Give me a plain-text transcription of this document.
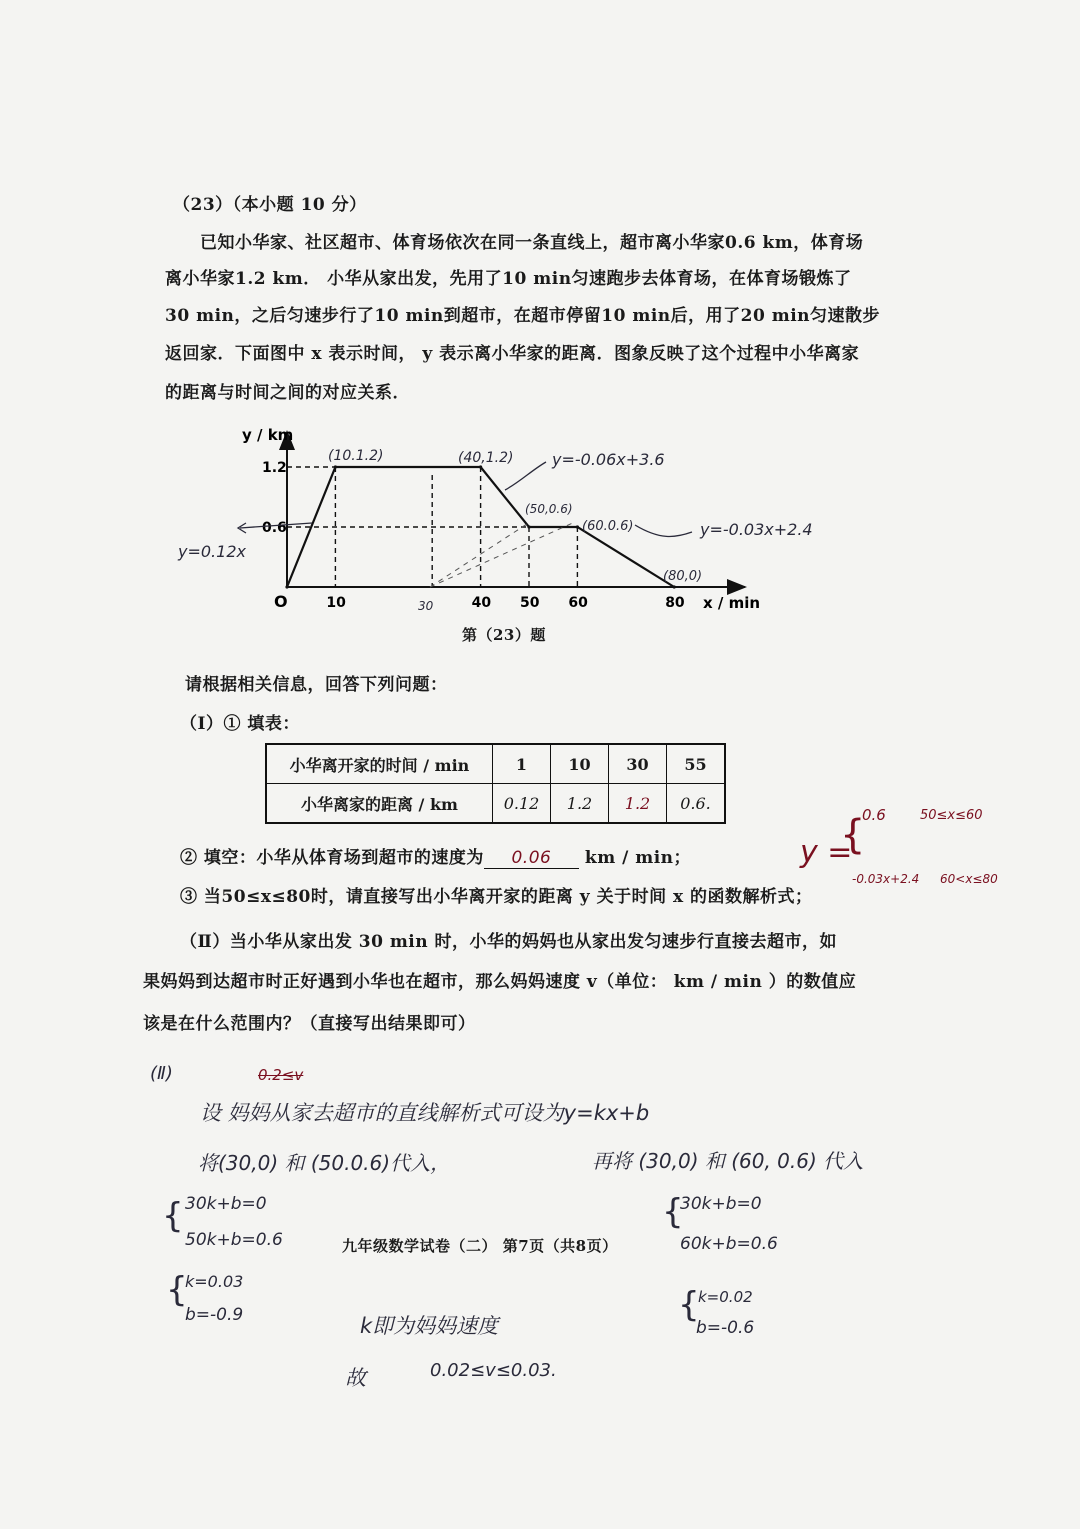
（23）（本小题 10 分）
已知小华家、社区超市、体育场依次在同一条直线上，超市离小华家0.6 km，体育场
离小华家1.2 km． 小华从家出发，先用了10 min匀速跑步去体育场，在体育场锻炼了
30 min，之后匀速步行了10 min到超市，在超市停留10 min后，用了20 min匀速散步
返回家．下面图中 x 表示时间， y 表示离小华家的距离．图象反映了这个过程中小华离家
的距离与时间之间的对应关系．
y / km
x / min
O	10	40 50 60	80
0.6
1.2
(10.1.2)	(40,1.2)
(50,0.6)
(60.0.6)
(80,0)
30
y=0.12x
y=-0.06x+3.6
y=-0.03x+2.4
第（23）题
请根据相关信息，回答下列问题：
（Ⅰ）① 填表：
小华离开家的时间 / min	1	10	30	55
小华离家的距离 / km	0.12	1.2	1.2	0.6.
② 填空：小华从体育场到超市的速度为 0.06 km / min；
③ 当50≤x≤80时，请直接写出小华离开家的距离 y 关于时间 x 的函数解析式；
y =
{
0.6	50≤x≤60
-0.03x+2.4 60<x≤80
（Ⅱ）当小华从家出发 30 min 时，小华的妈妈也从家出发匀速步行直接去超市，如
果妈妈到达超市时正好遇到小华也在超市，那么妈妈速度 v（单位： km / min ）的数值应
该是在什么范围内？（直接写出结果即可）
(Ⅱ)	0.2≤v
设 妈妈从家去超市的直线解析式可设为y=kx+b
将(30,0) 和 (50.0.6)代入，	再将 (30,0) 和 (60, 0.6) 代入
{ 30k+b=0
50k+b=0.6
{
30k+b=0
60k+b=0.6
九年级数学试卷（二） 第7页（共8页）
{
k=0.03
b=-0.9	{
k=0.02
b=-0.6
k即为妈妈速度
故	0.02≤v≤0.03.
